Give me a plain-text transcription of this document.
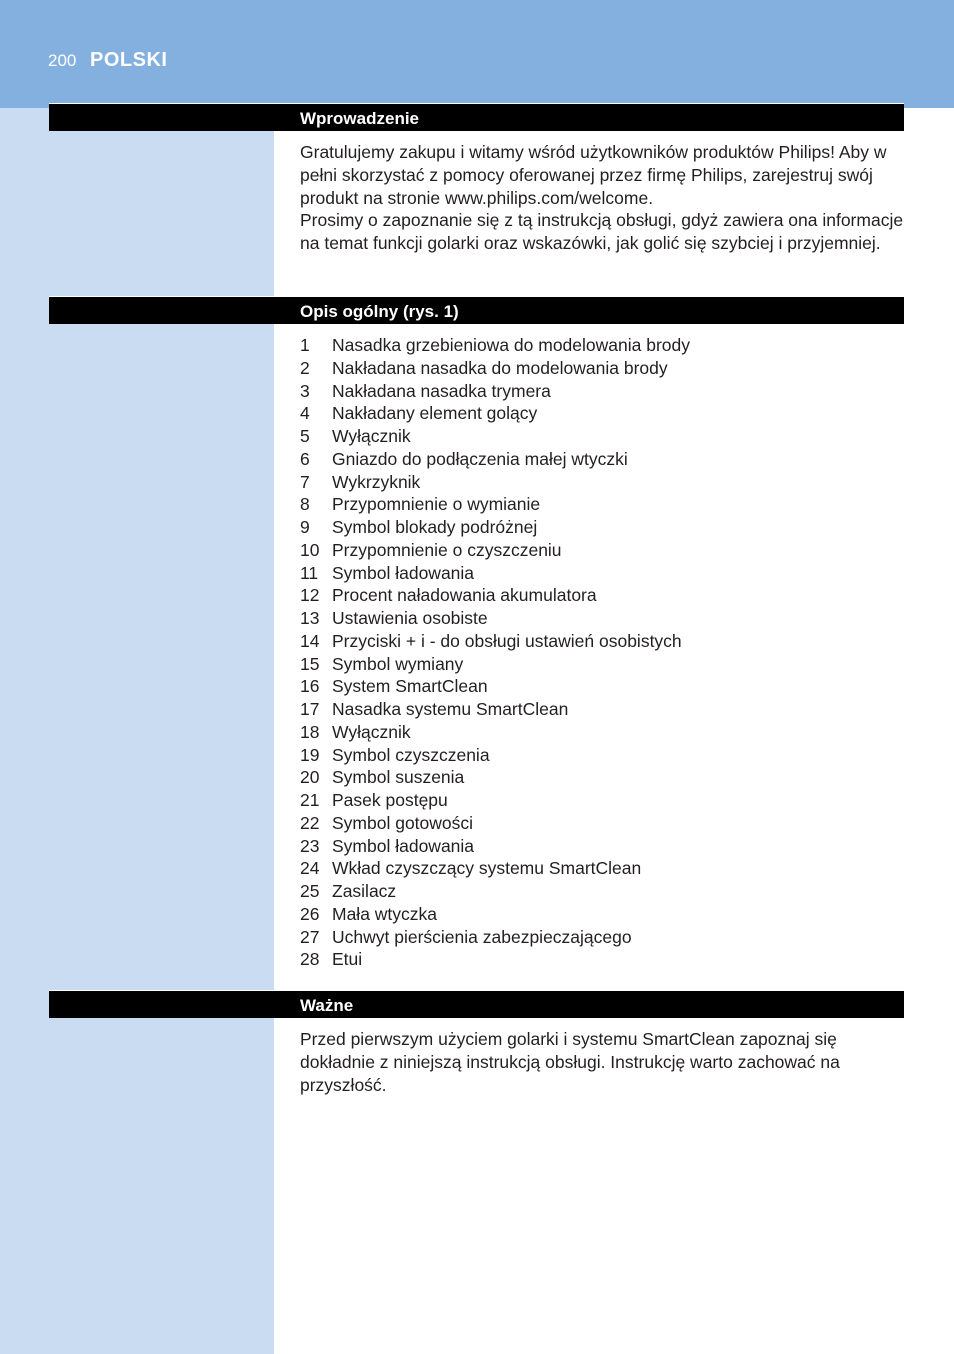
200 POLSKI
Wprowadzenie

Gratulujemy zakupu i witamy wśród użytkowników produktów Philips! Aby w pełni skorzystać z pomocy oferowanej przez firmę Philips, zarejestruj swój produkt na stronie www.philips.com/welcome.

Prosimy o zapoznanie się z tą instrukcją obsługi, gdyż zawiera ona informacje na temat funkcji golarki oraz wskazówki, jak golić się szybciej i przyjemniej.

Opis ogólny (rys. 1)
1	Nasadka grzebieniowa do modelowania brody
2	Nakładana nasadka do modelowania brody
3	Nakładana nasadka trymera
4	Nakładany element golący
5	Wyłącznik
6	Gniazdo do podłączenia małej wtyczki
7	Wykrzyknik
8	Przypomnienie o wymianie
9	Symbol blokady podróżnej
10 Przypomnienie o czyszczeniu
11 Symbol ładowania
12 Procent naładowania akumulatora
13 Ustawienia osobiste
14 Przyciski + i - do obsługi ustawień osobistych
15 Symbol wymiany
16 System SmartClean
17 Nasadka systemu SmartClean
18 Wyłącznik
19 Symbol czyszczenia
20 Symbol suszenia
21 Pasek postępu
22 Symbol gotowości
23 Symbol ładowania
24 Wkład czyszczący systemu SmartClean
25 Zasilacz
26 Mała wtyczka
27 Uchwyt pierścienia zabezpieczającego
28 Etui
Ważne

Przed pierwszym użyciem golarki i systemu SmartClean zapoznaj się dokładnie z niniejszą instrukcją obsługi. Instrukcję warto zachować na przyszłość.
